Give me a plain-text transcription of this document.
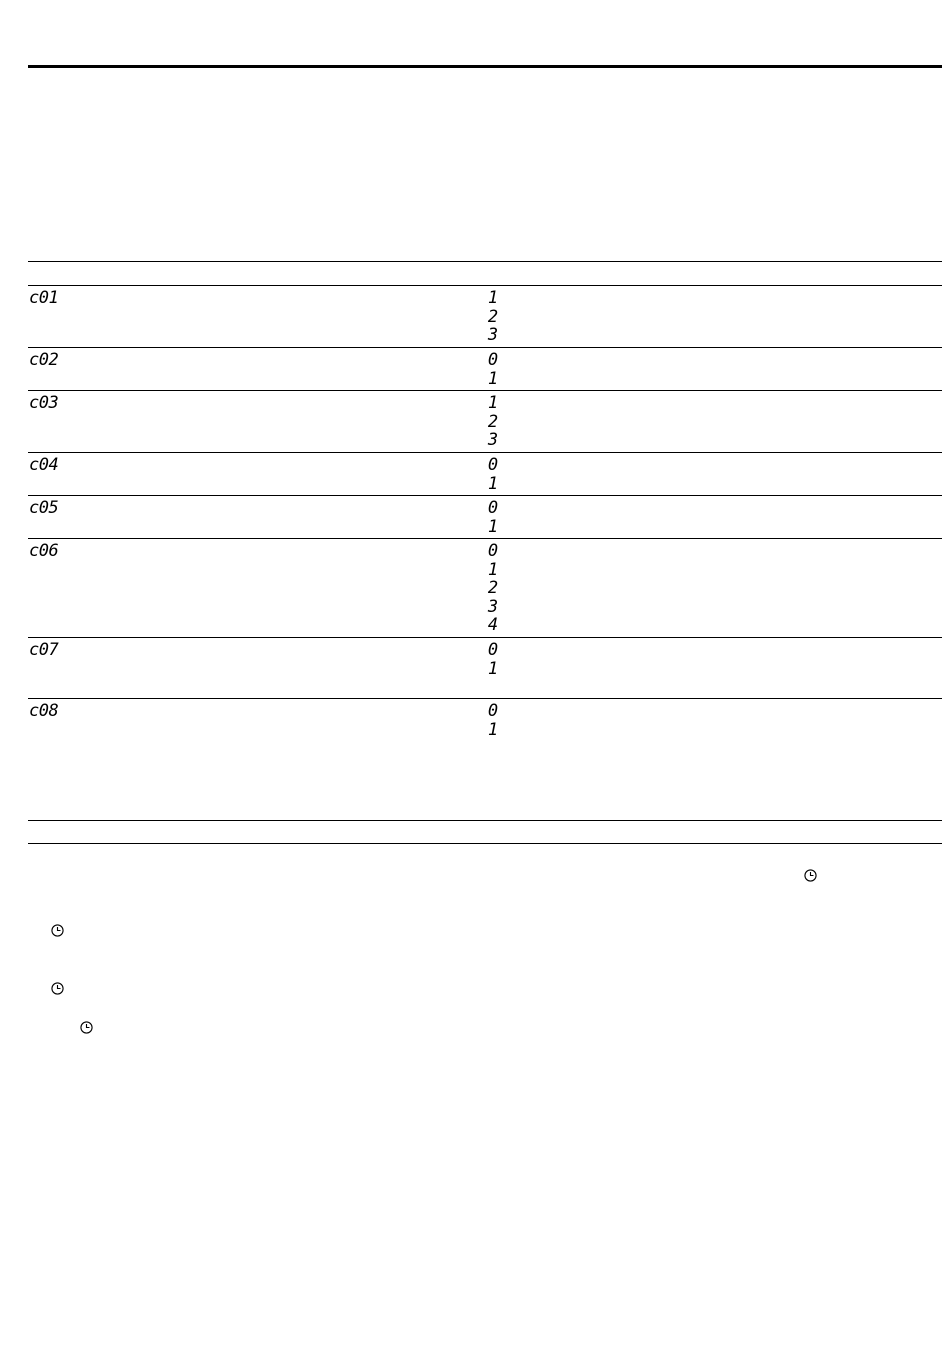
c01	1
2
3
c02	0
1
c03	1
2
3
c04	0
1
c05	0
1
c06	0
1
2
3
4
c07	0
1
c08	0
1
